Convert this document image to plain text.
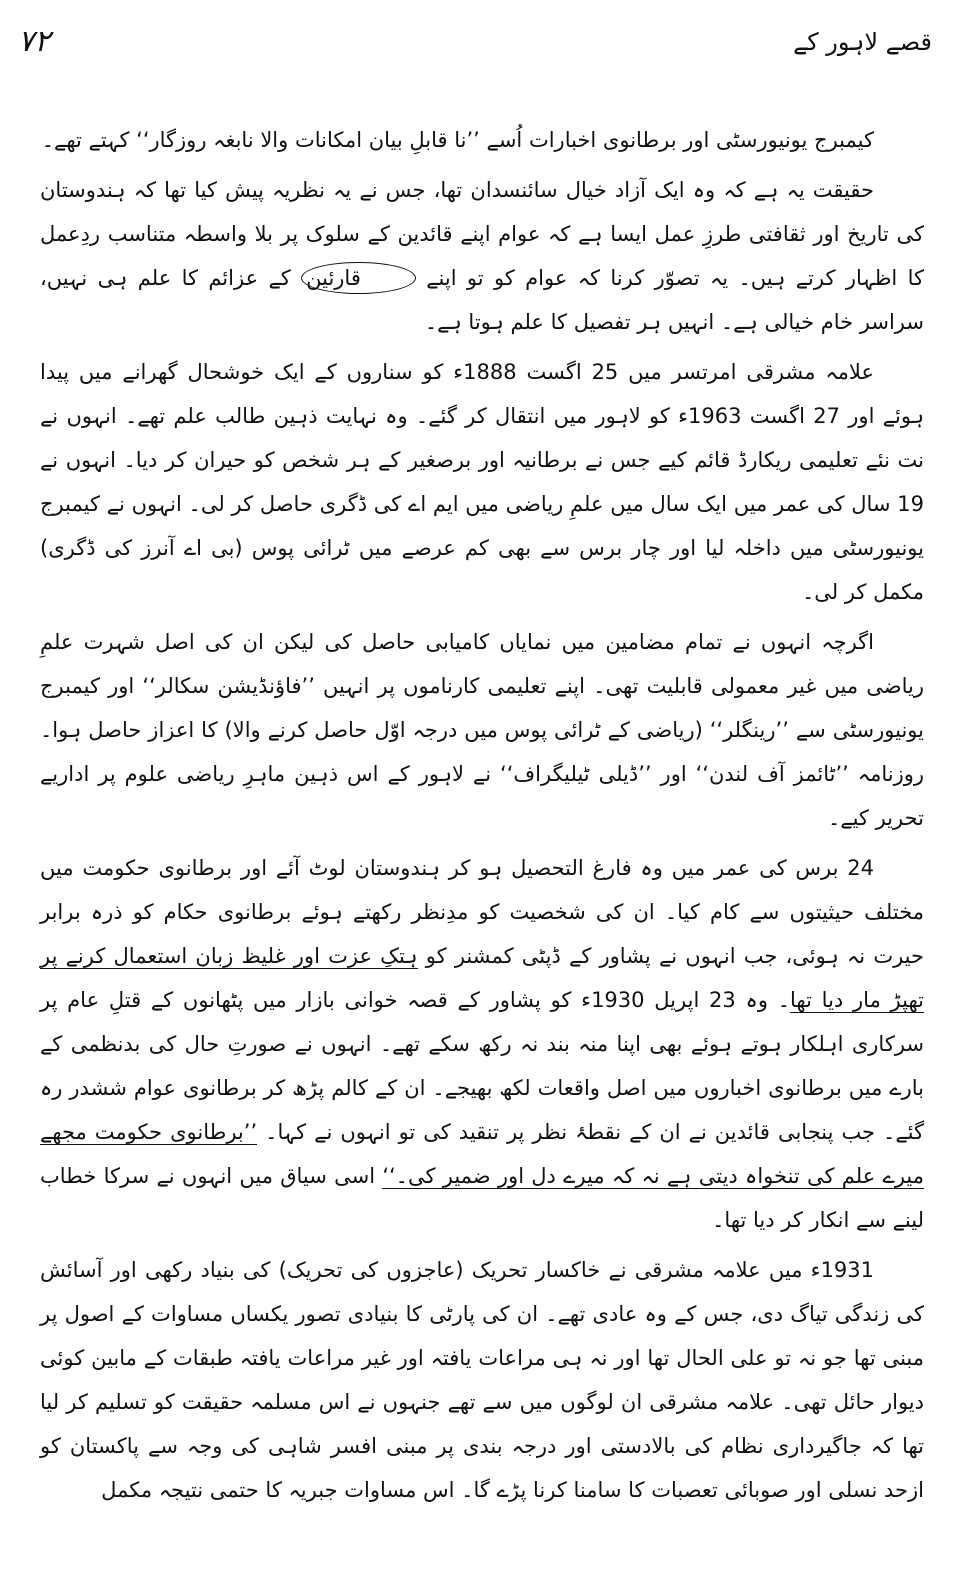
۷۲	قصے لاہور کے

کیمبرج یونیورسٹی اور برطانوی اخبارات اُسے ’’نا قابلِ بیان امکانات والا نابغہ روزگار‘‘ کہتے تھے۔

حقیقت یہ ہے کہ وہ ایک آزاد خیال سائنسدان تھا، جس نے یہ نظریہ پیش کیا تھا کہ ہندوستان کی تاریخ اور ثقافتی طرزِ عمل ایسا ہے کہ عوام اپنے قائدین کے سلوک پر بلا واسطہ متناسب ردِعمل کا اظہار کرتے ہیں۔ یہ تصوّر کرنا کہ عوام کو تو اپنے قارئین کے عزائم کا علم ہی نہیں، سراسر خام خیالی ہے۔ انہیں ہر تفصیل کا علم ہوتا ہے۔

علامہ مشرقی امرتسر میں 25 اگست 1888ء کو سناروں کے ایک خوشحال گھرانے میں پیدا ہوئے اور 27 اگست 1963ء کو لاہور میں انتقال کر گئے۔ وہ نہایت ذہین طالب علم تھے۔ انہوں نے نت نئے تعلیمی ریکارڈ قائم کیے جس نے برطانیہ اور برصغیر کے ہر شخص کو حیران کر دیا۔ انہوں نے 19 سال کی عمر میں ایک سال میں علمِ ریاضی میں ایم اے کی ڈگری حاصل کر لی۔ انہوں نے کیمبرج یونیورسٹی میں داخلہ لیا اور چار برس سے بھی کم عرصے میں ٹرائی پوس (بی اے آنرز کی ڈگری) مکمل کر لی۔

اگرچہ انہوں نے تمام مضامین میں نمایاں کامیابی حاصل کی لیکن ان کی اصل شہرت علمِ ریاضی میں غیر معمولی قابلیت تھی۔ اپنے تعلیمی کارناموں پر انہیں ’’فاؤنڈیشن سکالر‘‘ اور کیمبرج یونیورسٹی سے ’’رینگلر‘‘ (ریاضی کے ٹرائی پوس میں درجہ اوّل حاصل کرنے والا) کا اعزاز حاصل ہوا۔ روزنامہ ’’ٹائمز آف لندن‘‘ اور ’’ڈیلی ٹیلیگراف‘‘ نے لاہور کے اس ذہین ماہرِ ریاضی علوم پر اداریے تحریر کیے۔

24 برس کی عمر میں وہ فارغ التحصیل ہو کر ہندوستان لوٹ آئے اور برطانوی حکومت میں مختلف حیثیتوں سے کام کیا۔ ان کی شخصیت کو مدِنظر رکھتے ہوئے برطانوی حکام کو ذرہ برابر حیرت نہ ہوئی، جب انہوں نے پشاور کے ڈپٹی کمشنر کو ہتکِ عزت اور غلیظ زبان استعمال کرنے پر تھپڑ مار دیا تھا۔ وہ 23 اپریل 1930ء کو پشاور کے قصہ خوانی بازار میں پٹھانوں کے قتلِ عام پر سرکاری اہلکار ہوتے ہوئے بھی اپنا منہ بند نہ رکھ سکے تھے۔ انہوں نے صورتِ حال کی بدنظمی کے بارے میں برطانوی اخباروں میں اصل واقعات لکھ بھیجے۔ ان کے کالم پڑھ کر برطانوی عوام ششدر رہ گئے۔ جب پنجابی قائدین نے ان کے نقطۂ نظر پر تنقید کی تو انہوں نے کہا۔ ’’برطانوی حکومت مجھے میرے علم کی تنخواہ دیتی ہے نہ کہ میرے دل اور ضمیر کی۔‘‘ اسی سیاق میں انہوں نے سرکا خطاب لینے سے انکار کر دیا تھا۔

1931ء میں علامہ مشرقی نے خاکسار تحریک (عاجزوں کی تحریک) کی بنیاد رکھی اور آسائش کی زندگی تیاگ دی، جس کے وہ عادی تھے۔ ان کی پارٹی کا بنیادی تصور یکساں مساوات کے اصول پر مبنی تھا جو نہ تو علی الحال تھا اور نہ ہی مراعات یافتہ اور غیر مراعات یافتہ طبقات کے مابین کوئی دیوار حائل تھی۔ علامہ مشرقی ان لوگوں میں سے تھے جنہوں نے اس مسلمہ حقیقت کو تسلیم کر لیا تھا کہ جاگیرداری نظام کی بالادستی اور درجہ بندی پر مبنی افسر شاہی کی وجہ سے پاکستان کو ازحد نسلی اور صوبائی تعصبات کا سامنا کرنا پڑے گا۔ اس مساوات جبریہ کا حتمی نتیجہ مکمل
